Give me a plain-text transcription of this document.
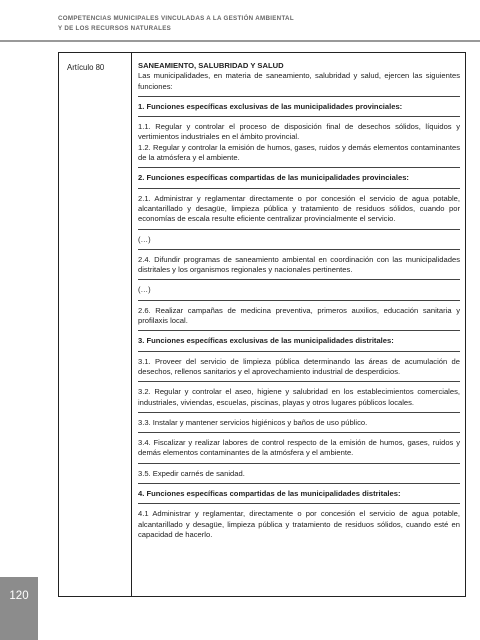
COMPETENCIAS MUNICIPALES VINCULADAS A LA GESTIÓN AMBIENTAL
Y DE LOS RECURSOS NATURALES
Artículo 80	SANEAMIENTO, SALUBRIDAD Y SALUD

Las municipalidades, en materia de saneamiento, salubridad y salud, ejercen las siguientes funciones:

1. Funciones específicas exclusivas de las municipalidades provinciales:

1.1. Regular y controlar el proceso de disposición final de desechos sólidos, líquidos y vertimientos industriales en el ámbito provincial.

1.2. Regular y controlar la emisión de humos, gases, ruidos y demás elementos contaminantes de la atmósfera y el ambiente.

2. Funciones específicas compartidas de las municipalidades provinciales:

2.1. Administrar y reglamentar directamente o por concesión el servicio de agua potable, alcantarillado y desagüe, limpieza pública y tratamiento de residuos sólidos, cuando por economías de escala resulte eficiente centralizar provincialmente el servicio.

(…)

2.4. Difundir programas de saneamiento ambiental en coordinación con las municipalidades distritales y los organismos regionales y nacionales pertinentes.

(…)

2.6. Realizar campañas de medicina preventiva, primeros auxilios, educación sanitaria y profilaxis local.

3. Funciones específicas exclusivas de las municipalidades distritales:

3.1. Proveer del servicio de limpieza pública determinando las áreas de acumulación de desechos, rellenos sanitarios y el aprovechamiento industrial de desperdicios.

3.2. Regular y controlar el aseo, higiene y salubridad en los establecimientos comerciales, industriales, viviendas, escuelas, piscinas, playas y otros lugares públicos locales.

3.3. Instalar y mantener servicios higiénicos y baños de uso público.

3.4. Fiscalizar y realizar labores de control respecto de la emisión de humos, gases, ruidos y demás elementos contaminantes de la atmósfera y el ambiente.

3.5. Expedir carnés de sanidad.

4. Funciones específicas compartidas de las municipalidades distritales:

4.1 Administrar y reglamentar, directamente o por concesión el servicio de agua potable, alcantarillado y desagüe, limpieza pública y tratamiento de residuos sólidos, cuando esté en capacidad de hacerlo.

120
